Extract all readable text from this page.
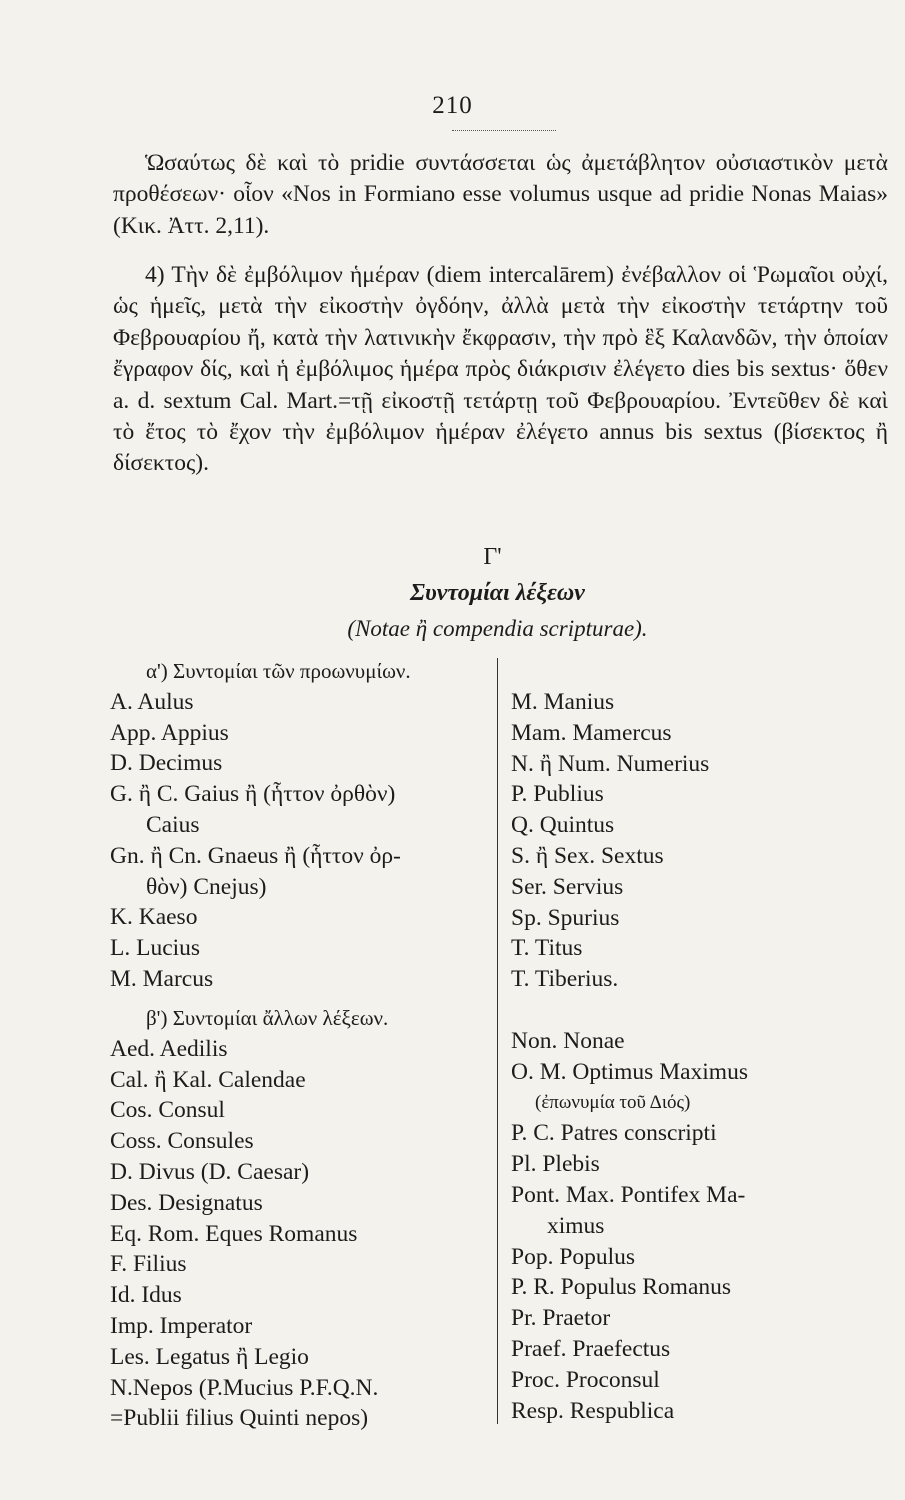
210

Ὡσαύτως δὲ καὶ τὸ pridie συντάσσεται ὡς ἀμετάβλητον οὐσιαστικὸν μετὰ προθέσεων· οἷον «Nos in Formiano esse volumus usque ad pridie Nonas Maias» (Κικ. Ἀττ. 2,11).

4) Τὴν δὲ ἐμβόλιμον ἡμέραν (diem intercalārem) ἐνέβαλλον οἱ Ῥωμαῖοι οὐχί, ὡς ἡμεῖς, μετὰ τὴν εἰκοστὴν ὀγδόην, ἀλλὰ μετὰ τὴν εἰκοστὴν τετάρτην τοῦ Φεβρουαρίου ἤ, κατὰ τὴν λατινικὴν ἔκφρασιν, τὴν πρὸ ἓξ Καλανδῶν, τὴν ὁποίαν ἔγραφον δίς, καὶ ἡ ἐμβόλιμος ἡμέρα πρὸς διάκρισιν ἐλέγετο dies bis sextus· ὅθεν a. d. sextum Cal. Mart.=τῇ εἰκοστῇ τετάρτῃ τοῦ Φεβρουαρίου. Ἐντεῦθεν δὲ καὶ τὸ ἔτος τὸ ἔχον τὴν ἐμβόλιμον ἡμέραν ἐλέγετο annus bis sextus (βίσεκτος ἢ δίσεκτος).

Γ'
Συντομίαι λέξεων
(Notae ἢ compendia scripturae).
α') Συντομίαι τῶν προωνυμίων.
A. Aulus
App. Appius
D. Decimus
G. ἢ C. Gaius ἢ (ἧττον ὀρθὸν)
Caius
Gn. ἢ Cn. Gnaeus ἢ (ἧττον ὀρ-
θὸν) Cnejus)
K. Kaeso
L. Lucius
M. Marcus
β') Συντομίαι ἄλλων λέξεων.
Aed. Aedilis
Cal. ἢ Kal. Calendae
Cos. Consul
Coss. Consules
D. Divus (D. Caesar)
Des. Designatus
Eq. Rom. Eques Romanus
F. Filius
Id. Idus
Imp. Imperator
Les. Legatus ἢ Legio
N.Nepos (P.Mucius P.F.Q.N.
=Publii filius Quinti nepos)
M. Manius
Mam. Mamercus
N. ἢ Num. Numerius
P. Publius
Q. Quintus
S. ἢ Sex. Sextus
Ser. Servius
Sp. Spurius
T. Titus
T. Tiberius.
Non. Nonae
O. M. Optimus Maximus
(ἐπωνυμία τοῦ Διός)
P. C. Patres conscripti
Pl. Plebis
Pont. Max. Pontifex Ma-
ximus
Pop. Populus
P. R. Populus Romanus
Pr. Praetor
Praef. Praefectus
Proc. Proconsul
Resp. Respublica
